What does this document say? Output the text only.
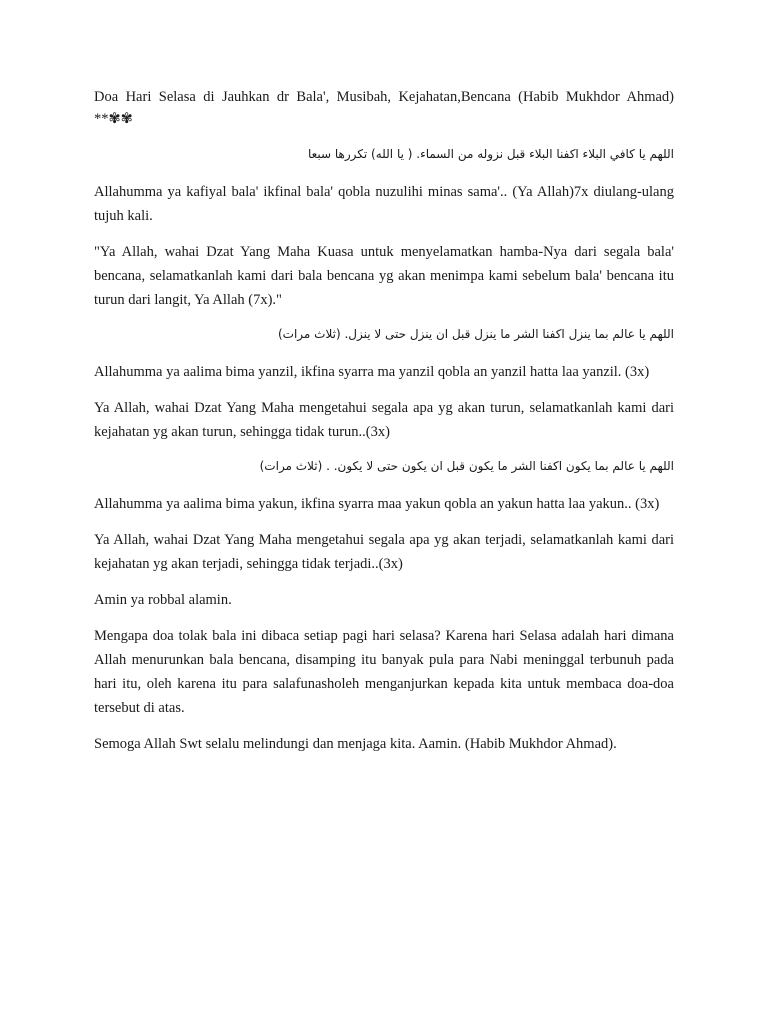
Doa Hari Selasa di Jauhkan dr Bala', Musibah, Kejahatan,Bencana (Habib Mukhdor Ahmad)

**✾✾

اللهم يا كافي البلاء اكفنا البلاء قبل نزوله من السماء. ( يا الله) تكررها سبعا

Allahumma ya kafiyal bala' ikfinal bala' qobla nuzulihi minas sama'.. (Ya Allah)7x diulang-ulang tujuh kali.

"Ya Allah, wahai Dzat Yang Maha Kuasa untuk menyelamatkan hamba-Nya dari segala bala' bencana, selamatkanlah kami dari bala bencana yg akan menimpa kami sebelum bala' bencana itu turun dari langit, Ya Allah (7x)."

اللهم يا عالم بما ينزل اكفنا الشر ما ينزل قبل ان ينزل حتى لا ينزل. (ثلاث مرات)

Allahumma ya aalima bima yanzil, ikfina syarra ma yanzil qobla an yanzil hatta laa yanzil. (3x)

Ya Allah, wahai Dzat Yang Maha mengetahui segala apa yg akan turun, selamatkanlah kami dari kejahatan yg akan turun, sehingga tidak turun..(3x)

اللهم يا عالم بما يكون اكفنا الشر ما يكون قبل ان يكون حتى لا يكون. . (ثلاث مرات)

Allahumma ya aalima bima yakun, ikfina syarra maa yakun qobla an yakun hatta laa yakun.. (3x)

Ya Allah, wahai Dzat Yang Maha mengetahui segala apa yg akan terjadi, selamatkanlah kami dari kejahatan yg akan terjadi, sehingga tidak terjadi..(3x)

Amin ya robbal alamin.

Mengapa doa tolak bala ini dibaca setiap pagi hari selasa? Karena hari Selasa adalah hari dimana Allah menurunkan bala bencana, disamping itu banyak pula para Nabi meninggal terbunuh pada hari itu, oleh karena itu para salafunasholeh menganjurkan kepada kita untuk membaca doa-doa tersebut di atas.

Semoga Allah Swt selalu melindungi dan menjaga kita. Aamin. (Habib Mukhdor Ahmad).
